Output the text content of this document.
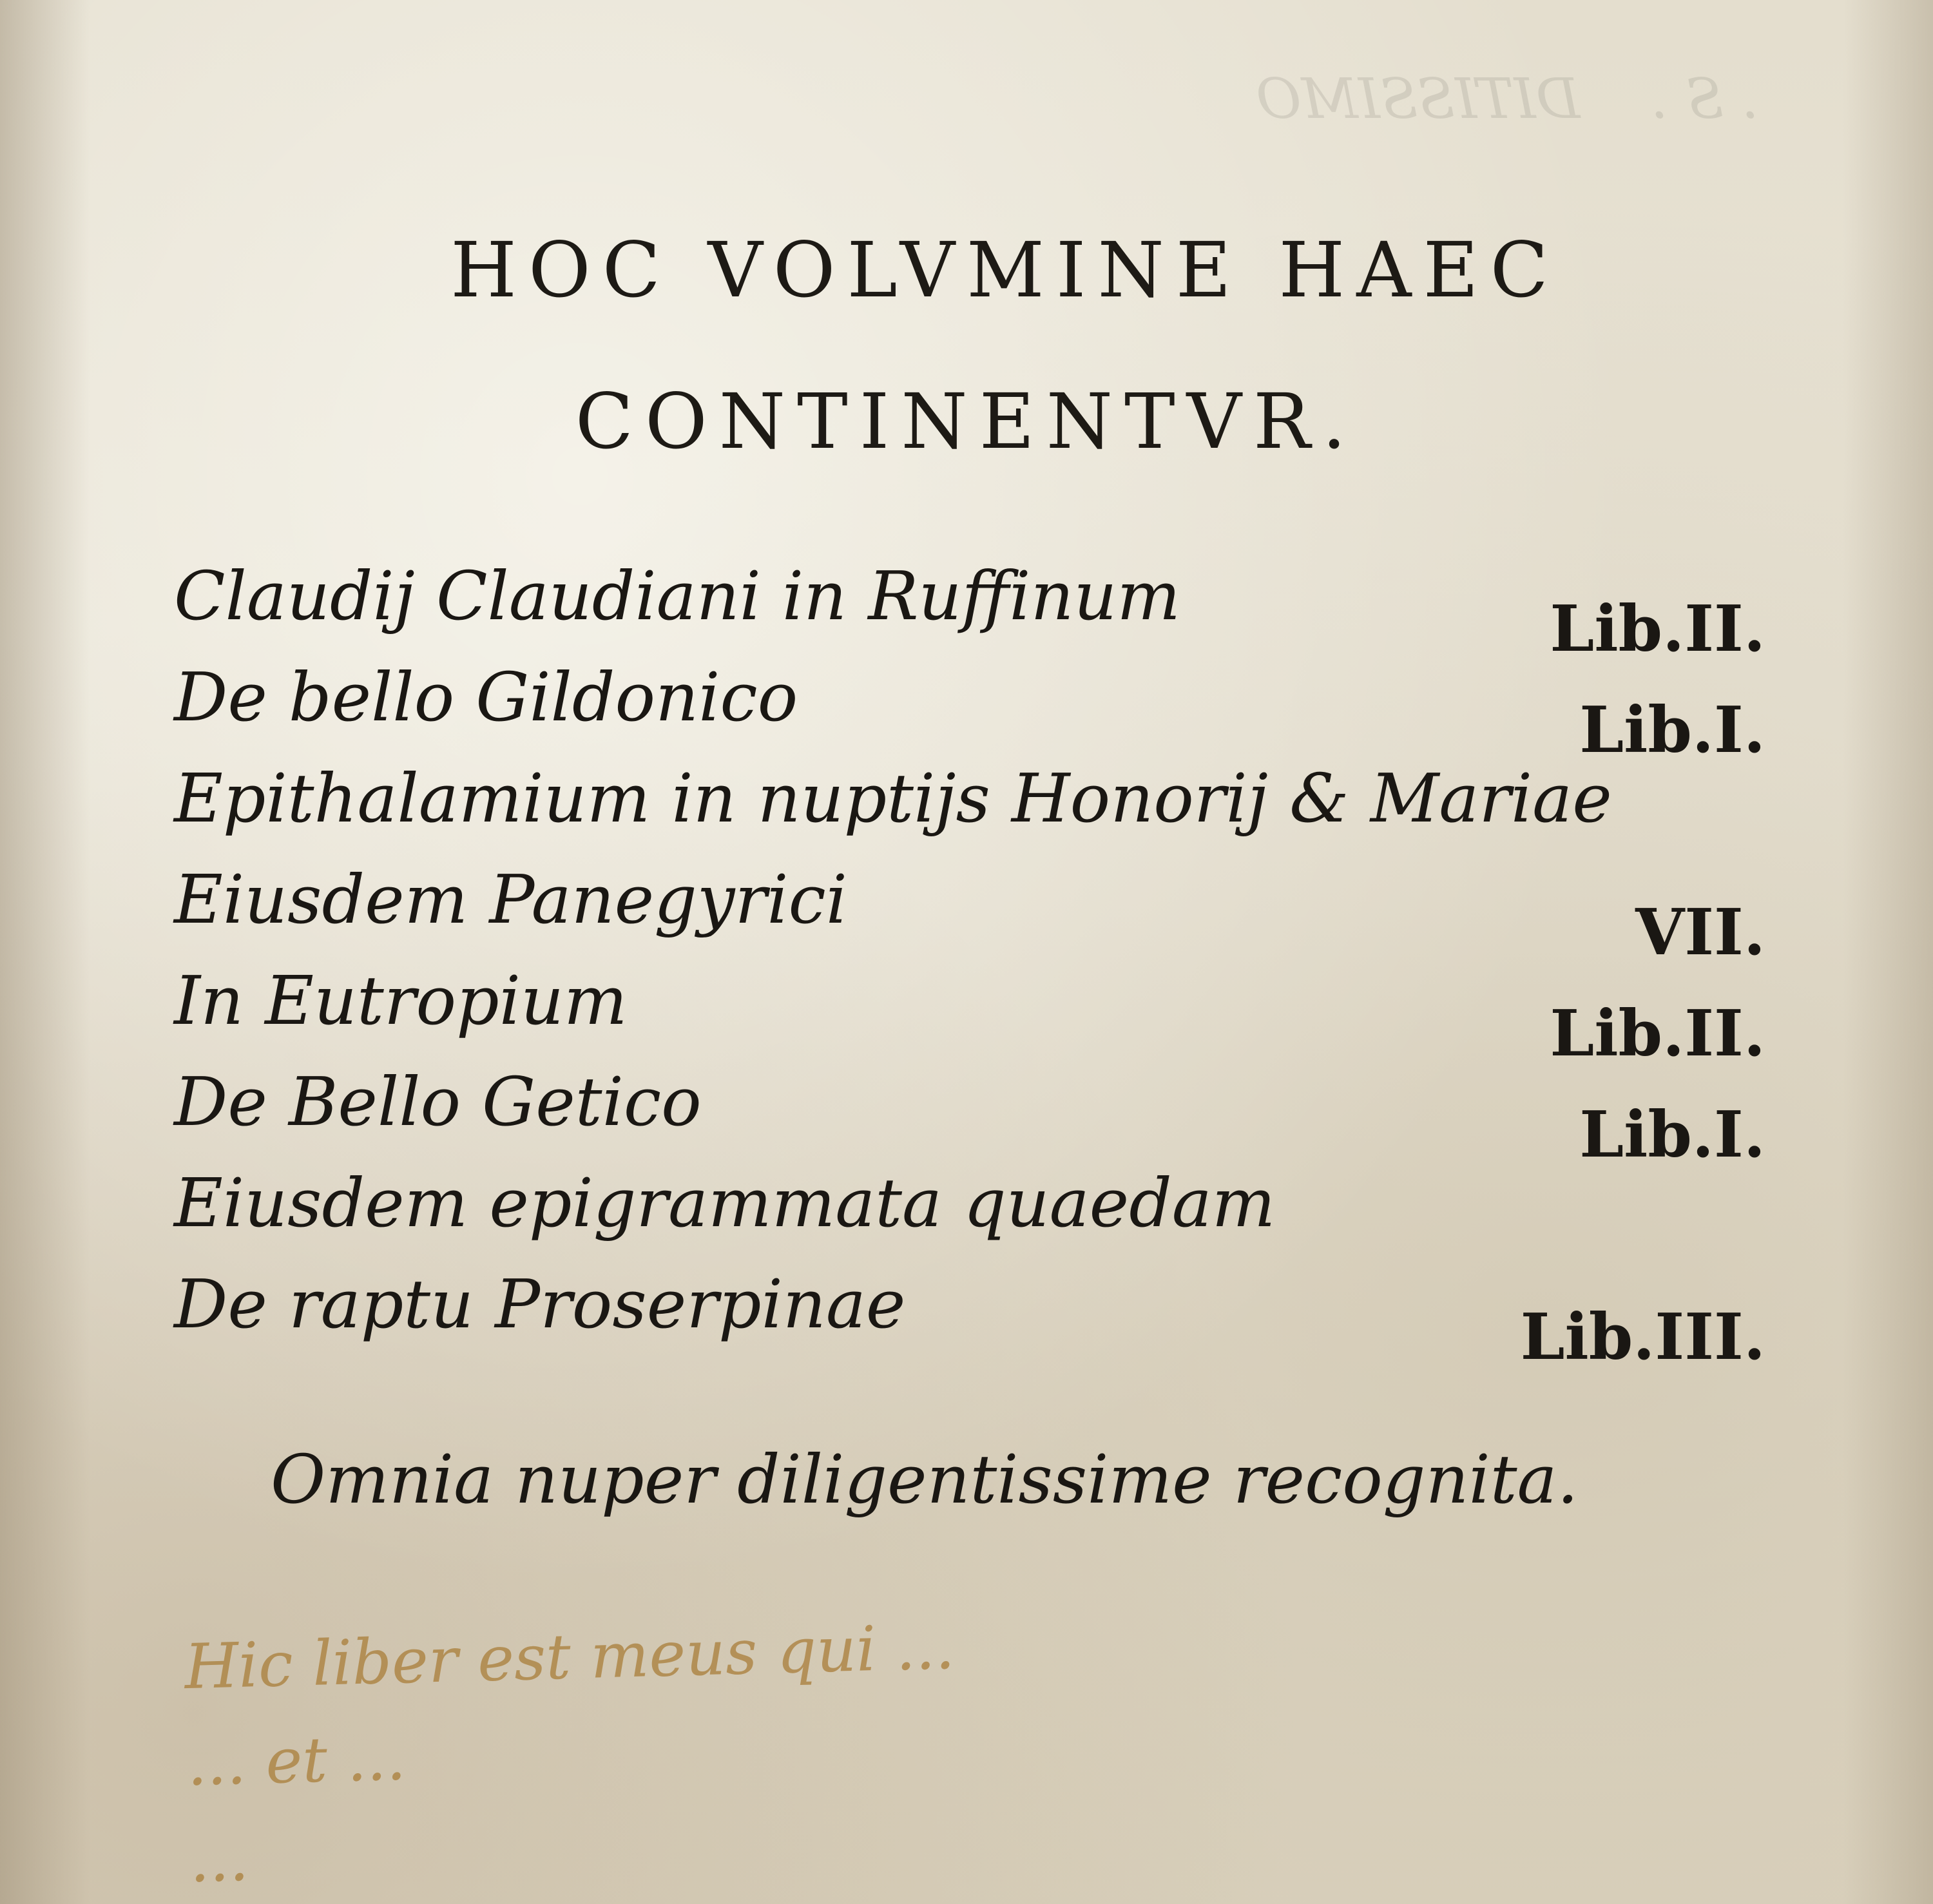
. S .    DITISSIMO
HOC VOLVMINE HAEC
CONTINENTVR.
Claudij Claudiani in Ruffinum	Lib.II.
De bello Gildonico	Lib.I.
Epithalamium in nuptijs Honorij & Mariae
Eiusdem Panegyrici	VII.
In Eutropium	Lib.II.
De Bello Getico	Lib.I.
Eiusdem epigrammata quaedam
De raptu Proserpinae	Lib.III.

Omnia nuper diligentissime recognita.

Hic liber est meus qui ...
... et ...
...
